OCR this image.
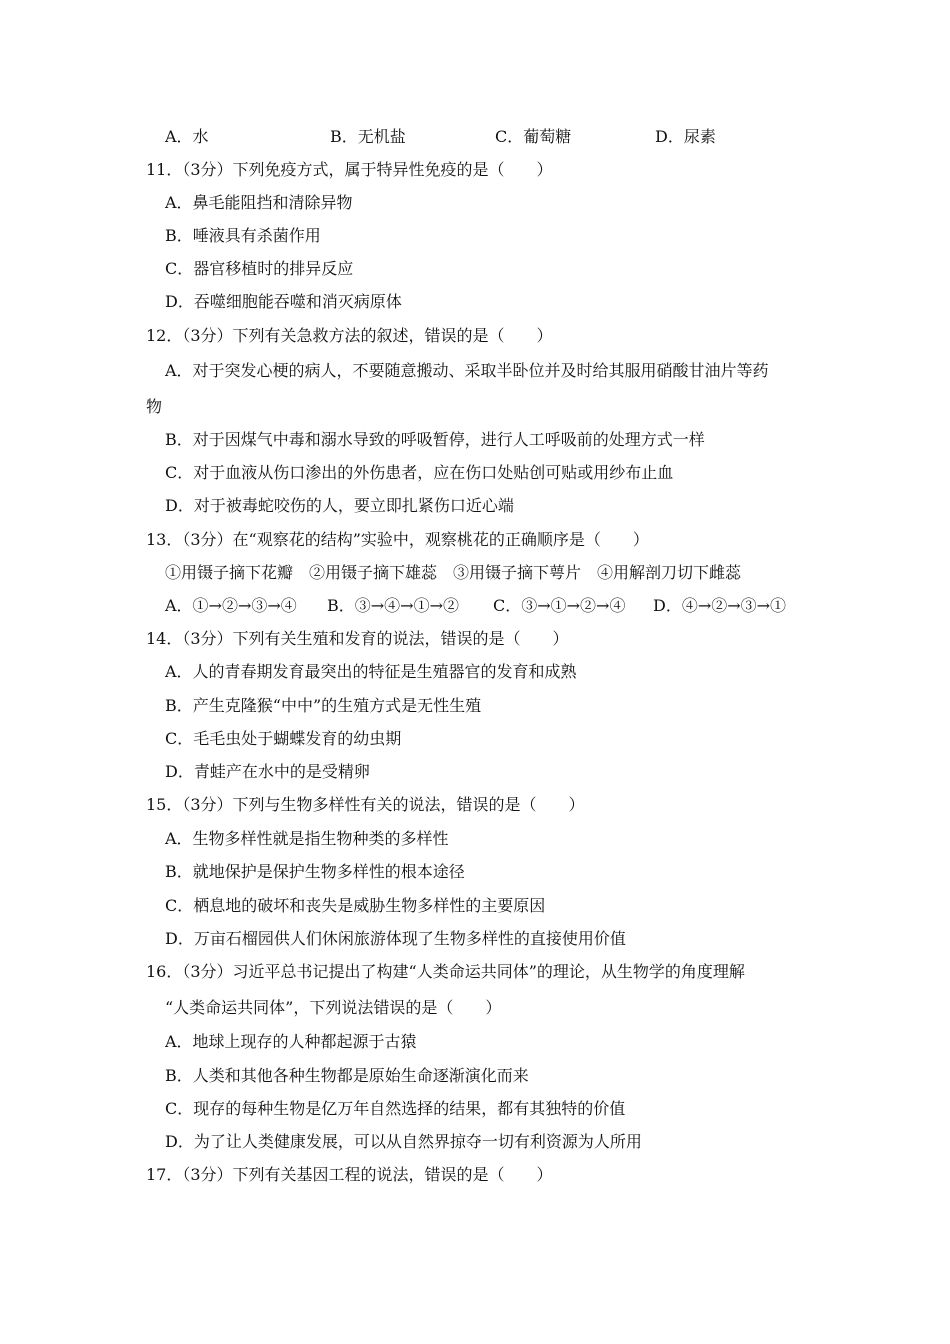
A．水	B．无机盐	C．葡萄糖	D．尿素
11．（3分）下列免疫方式，属于特异性免疫的是（　　）
A．鼻毛能阻挡和清除异物
B．唾液具有杀菌作用
C．器官移植时的排异反应
D．吞噬细胞能吞噬和消灭病原体
12．（3分）下列有关急救方法的叙述，错误的是（　　）
A．对于突发心梗的病人，不要随意搬动、采取半卧位并及时给其服用硝酸甘油片等药
物
B．对于因煤气中毒和溺水导致的呼吸暂停，进行人工呼吸前的处理方式一样
C．对于血液从伤口渗出的外伤患者，应在伤口处贴创可贴或用纱布止血
D．对于被毒蛇咬伤的人，要立即扎紧伤口近心端
13．（3分）在“观察花的结构”实验中，观察桃花的正确顺序是（　　）
①用镊子摘下花瓣　②用镊子摘下雄蕊　③用镊子摘下萼片　④用解剖刀切下雌蕊
A．①→②→③→④ B．③→④→①→② C．③→①→②→④ D．④→②→③→①
14．（3分）下列有关生殖和发育的说法，错误的是（　　）
A．人的青春期发育最突出的特征是生殖器官的发育和成熟
B．产生克隆猴“中中”的生殖方式是无性生殖
C．毛毛虫处于蝴蝶发育的幼虫期
D．青蛙产在水中的是受精卵
15．（3分）下列与生物多样性有关的说法，错误的是（　　）
A．生物多样性就是指生物种类的多样性
B．就地保护是保护生物多样性的根本途径
C．栖息地的破坏和丧失是威胁生物多样性的主要原因
D．万亩石榴园供人们休闲旅游体现了生物多样性的直接使用价值
16．（3分）习近平总书记提出了构建“人类命运共同体”的理论，从生物学的角度理解
“人类命运共同体”，下列说法错误的是（　　）
A．地球上现存的人种都起源于古猿
B．人类和其他各种生物都是原始生命逐渐演化而来
C．现存的每种生物是亿万年自然选择的结果，都有其独特的价值
D．为了让人类健康发展，可以从自然界掠夺一切有利资源为人所用
17．（3分）下列有关基因工程的说法，错误的是（　　）
